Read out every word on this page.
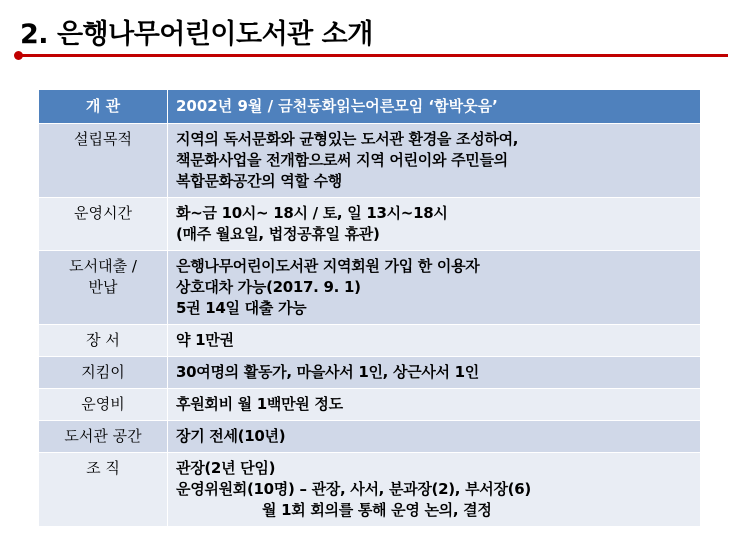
2. 은행나무어린이도서관 소개
개 관	2002년 9월 / 금천동화읽는어른모임 ‘함박웃음’
설립목적	지역의 독서문화와 균형있는 도서관 환경을 조성하여,
책문화사업을 전개함으로써 지역 어린이와 주민들의
복합문화공간의 역할 수행

운영시간	화~금 10시~ 18시 / 토, 일 13시~18시
(매주 월요일, 법정공휴일 휴관)

도서대출 /
반납	은행나무어린이도서관 지역회원 가입 한 이용자
상호대차 가능(2017. 9. 1)
5권 14일 대출 가능

장 서	약 1만권

지킴이	30여명의 활동가, 마을사서 1인, 상근사서 1인

운영비	후원회비 월 1백만원 정도

도서관 공간	장기 전세(10년)

조 직	관장(2년 단임)
운영위원회(10명) – 관장, 사서, 분과장(2), 부서장(6)
월 1회 회의를 통해 운영 논의, 결정
